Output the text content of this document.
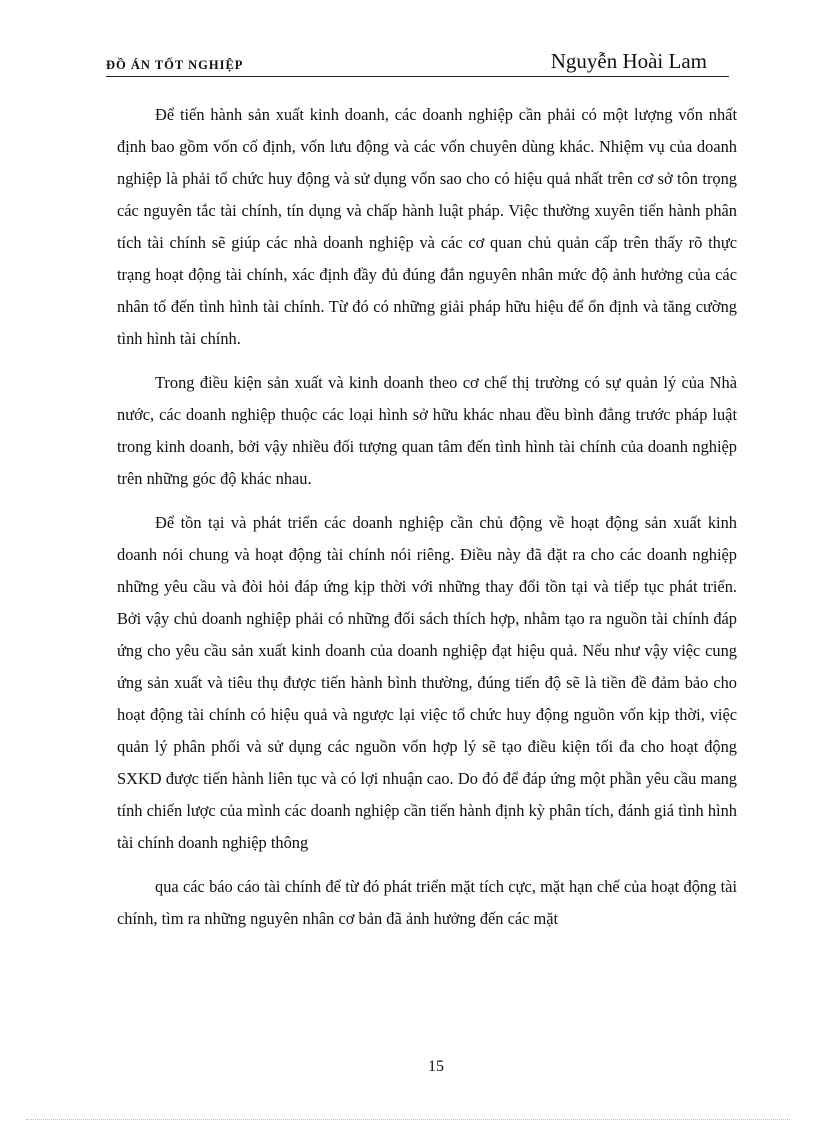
ĐỒ ÁN TỐT NGHIỆP	Nguyễn Hoài Lam

Để tiến hành sản xuất kinh doanh, các doanh nghiệp cần phải có một lượng vốn nhất định bao gồm vốn cố định, vốn lưu động và các vốn chuyên dùng khác. Nhiệm vụ của doanh nghiệp là phải tổ chức huy động và sử dụng vốn sao cho có hiệu quả nhất trên cơ sở tôn trọng các nguyên tắc tài chính, tín dụng và chấp hành luật pháp. Việc thường xuyên tiến hành phân tích tài chính sẽ giúp các nhà doanh nghiệp và các cơ quan chủ quản cấp trên thấy rõ thực trạng hoạt động tài chính, xác định đầy đủ đúng đắn nguyên nhân mức độ ảnh hưởng của các nhân tố đến tình hình tài chính. Từ đó có những giải pháp hữu hiệu để ổn định và tăng cường tình hình tài chính.

Trong điều kiện sản xuất và kinh doanh theo cơ chế thị trường có sự quản lý của Nhà nước, các doanh nghiệp thuộc các loại hình sở hữu khác nhau đều bình đẳng trước pháp luật trong kinh doanh, bởi vậy nhiều đối tượng quan tâm đến tình hình tài chính của doanh nghiệp trên những góc độ khác nhau.

Để tồn tại và phát triển các doanh nghiệp cần chủ động về hoạt động sản xuất kinh doanh nói chung và hoạt động tài chính nói riêng. Điều này đã đặt ra cho các doanh nghiệp những yêu cầu và đòi hỏi đáp ứng kịp thời với những thay đổi tồn tại và tiếp tục phát triển. Bởi vậy chủ doanh nghiệp phải có những đối sách thích hợp, nhằm tạo ra nguồn tài chính đáp ứng cho yêu cầu sản xuất kinh doanh của doanh nghiệp đạt hiệu quả. Nếu như vậy việc cung ứng sản xuất và tiêu thụ được tiến hành bình thường, đúng tiến độ sẽ là tiền đề đảm bảo cho hoạt động tài chính có hiệu quả và ngược lại việc tổ chức huy động nguồn vốn kịp thời, việc quản lý phân phối và sử dụng các nguồn vốn hợp lý sẽ tạo điều kiện tối đa cho hoạt động SXKD được tiến hành liên tục và có lợi nhuận cao. Do đó để đáp ứng một phần yêu cầu mang tính chiến lược của mình các doanh nghiệp cần tiến hành định kỳ phân tích, đánh giá tình hình tài chính doanh nghiệp thông

qua các báo cáo tài chính để từ đó phát triển mặt tích cực, mặt hạn chế của hoạt động tài chính, tìm ra những nguyên nhân cơ bản đã ảnh hưởng đến các mặt

15
